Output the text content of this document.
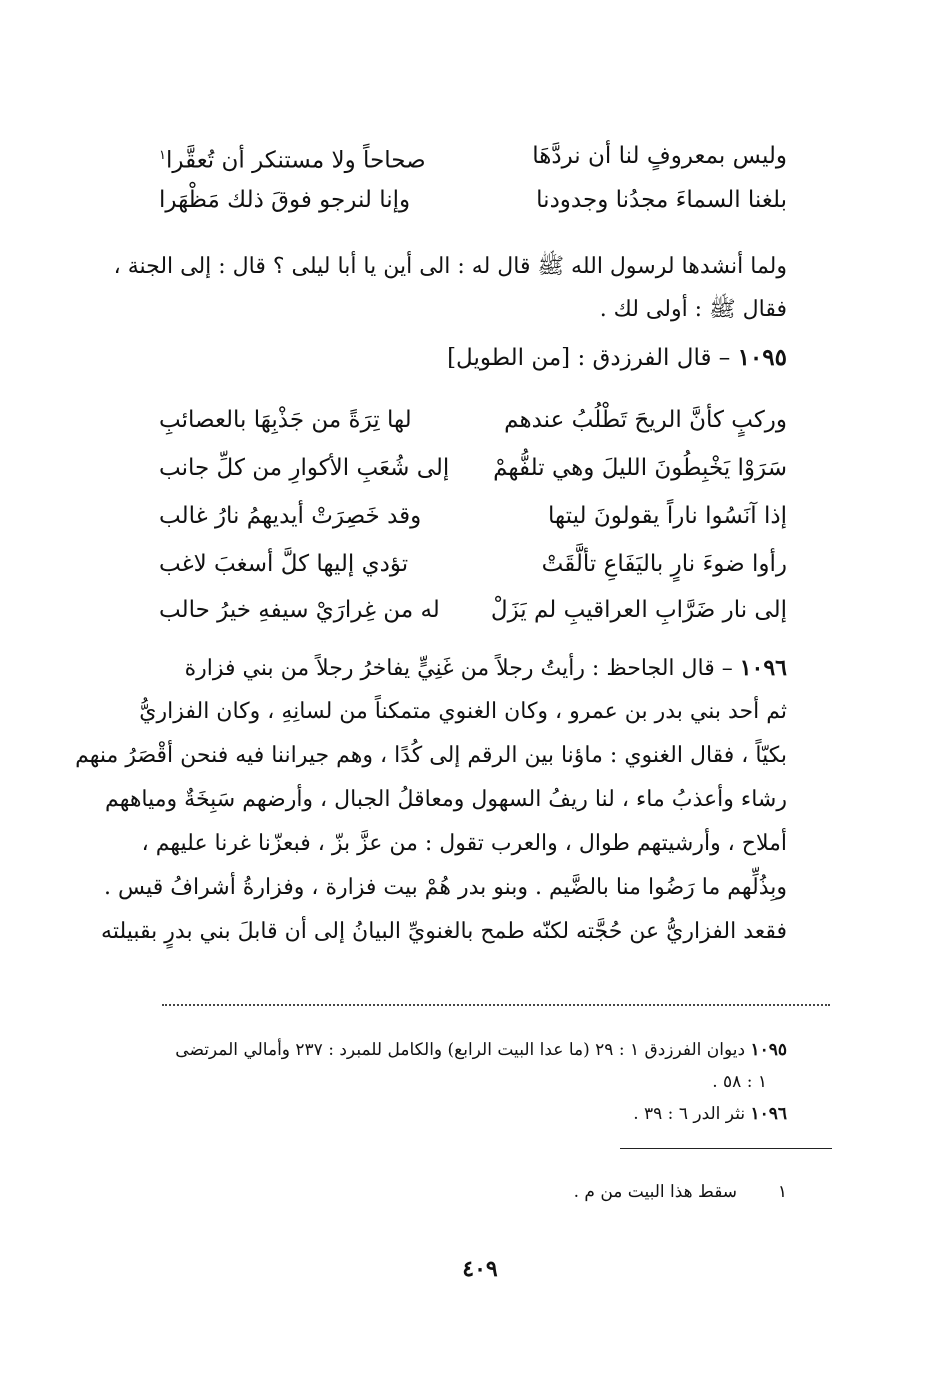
وليس بمعروفٍ لنا أن نردَّهَا
صحاحاً ولا مستنكر أن تُعقَّرا$^١$
بلغنا السماءَ مجدُنا وجدودنا
وإنا لنرجو فوقَ ذلك مَظْهَرا
ولما أنشدها لرسول الله ﷺ قال له : الى أين يا أبا ليلى ؟ قال : إلى الجنة ،
فقال ﷺ : أولى لك .
١٠٩٥ – قال الفرزدق : [من الطويل]
وركبٍ كأنَّ الريحَ تَطْلُبُ عندهم
لها تِرَةً من جَذْبِهَا بالعصائبِ
سَرَوْا يَخْبِطُونَ الليلَ وهي تلفُّهمْ
إلى شُعَبِ الأكوارِ من كلِّ جانب
إذا آنَسُوا ناراً يقولونَ ليتها
وقد خَصِرَتْ أيديهمُ نارُ غالب
رأوا ضوءَ نارٍ باليَفَاعِ تألَّقَتْ
تؤدي إليها كلَّ أسغبَ لاغب
إلى نار ضَرَّابِ العراقيبِ لم يَزَلْ
له من غِرارَيْ سيفهِ خيرُ حالب
١٠٩٦ – قال الجاحظ : رأيتُ رجلاً من غَنِيٍّ يفاخرُ رجلاً من بني فزارة
ثم أحد بني بدر بن عمرو ، وكان الغنوي متمكناً من لسانِهِ ، وكان الفزاريُّ
بكيّاً ، فقال الغنوي : ماؤنا بين الرقم إلى كُدًا ، وهم جيراننا فيه فنحن أقْصَرُ منهم
رشاء وأعذبُ ماء ، لنا ريفُ السهول ومعاقلُ الجبال ، وأرضهم سَبِخَةٌ ومياههم
أملاح ، وأرشيتهم طوال ، والعرب تقول : من عزَّ بزّ ، فبعزّنا غرنا عليهم ،
وبِذُلِّهم ما رَضُوا منا بالضَّيم . وبنو بدر هُمْ بيت فزارة ، وفزارةُ أشرافُ قيس .
فقعد الفزاريُّ عن حُجَّته لكنّه طمح بالغنويِّ البيانُ إلى أن قابلَ بني بدرٍ بقبيلته
١٠٩٥ ديوان الفرزدق ١ : ٢٩ (ما عدا البيت الرابع) والكامل للمبرد : ٢٣٧ وأمالي المرتضى
١ : ٥٨ .
١٠٩٦ نثر الدر ٦ : ٣٩ .
١  سقط هذا البيت من م .
٤٠٩
